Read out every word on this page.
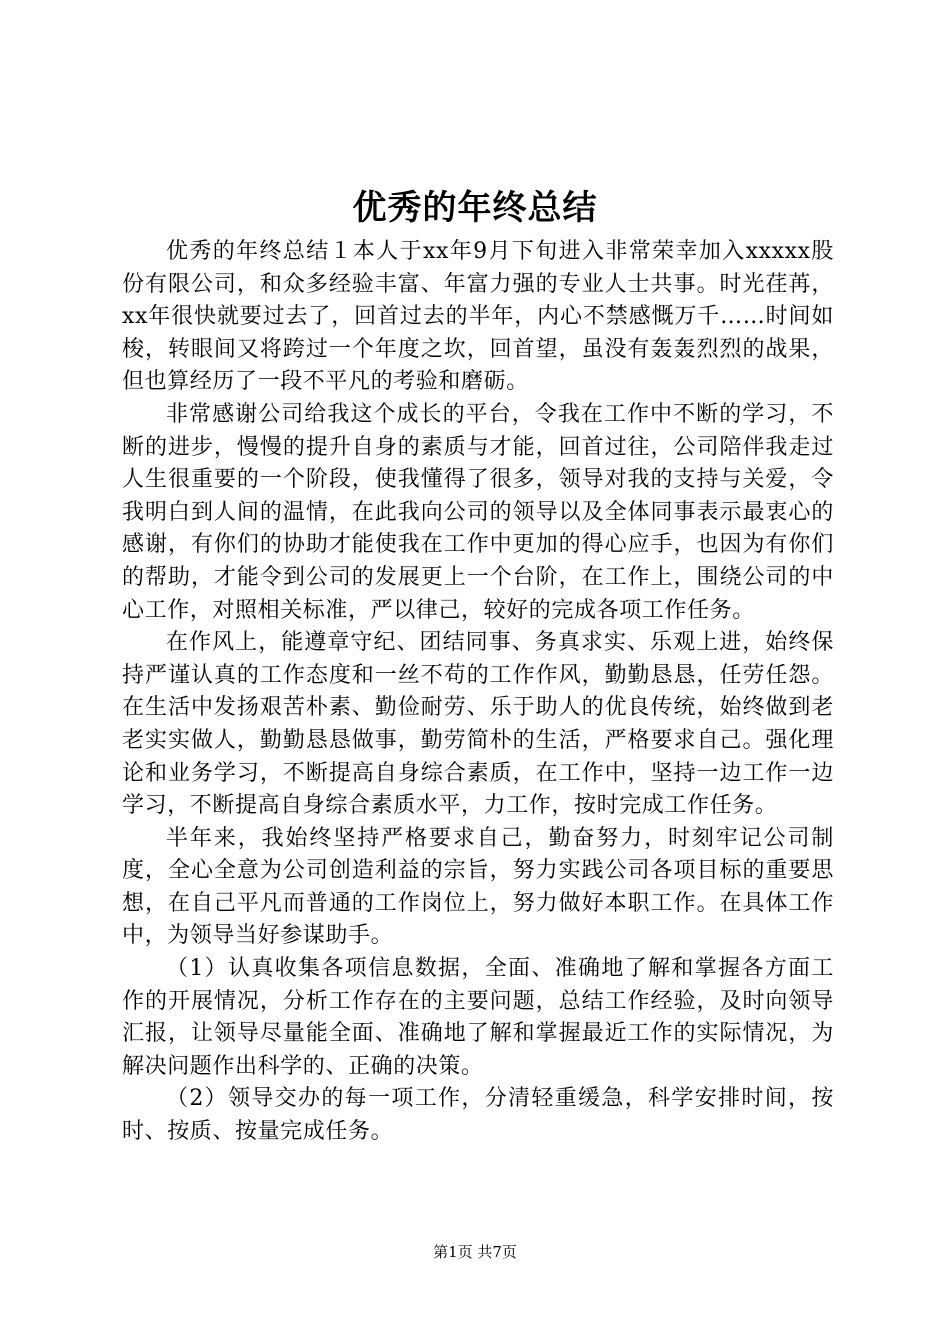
优秀的年终总结

优秀的年终总结１本人于xx年9月下旬进入非常荣幸加入xxxxx股份有限公司，和众多经验丰富、年富力强的专业人士共事。时光荏苒，xx年很快就要过去了，回首过去的半年，内心不禁感慨万千……时间如梭，转眼间又将跨过一个年度之坎，回首望，虽没有轰轰烈烈的战果，但也算经历了一段不平凡的考验和磨砺。

非常感谢公司给我这个成长的平台，令我在工作中不断的学习，不断的进步，慢慢的提升自身的素质与才能，回首过往，公司陪伴我走过人生很重要的一个阶段，使我懂得了很多，领导对我的支持与关爱，令我明白到人间的温情，在此我向公司的领导以及全体同事表示最衷心的感谢，有你们的协助才能使我在工作中更加的得心应手，也因为有你们的帮助，才能令到公司的发展更上一个台阶，在工作上，围绕公司的中心工作，对照相关标准，严以律己，较好的完成各项工作任务。

在作风上，能遵章守纪、团结同事、务真求实、乐观上进，始终保持严谨认真的工作态度和一丝不苟的工作作风，勤勤恳恳，任劳任怨。在生活中发扬艰苦朴素、勤俭耐劳、乐于助人的优良传统，始终做到老老实实做人，勤勤恳恳做事，勤劳简朴的生活，严格要求自己。强化理论和业务学习，不断提高自身综合素质，在工作中，坚持一边工作一边学习，不断提高自身综合素质水平，力工作，按时完成工作任务。

半年来，我始终坚持严格要求自己，勤奋努力，时刻牢记公司制度，全心全意为公司创造利益的宗旨，努力实践公司各项目标的重要思想，在自己平凡而普通的工作岗位上，努力做好本职工作。在具体工作中，为领导当好参谋助手。

（1）认真收集各项信息数据，全面、准确地了解和掌握各方面工作的开展情况，分析工作存在的主要问题，总结工作经验，及时向领导汇报，让领导尽量能全面、准确地了解和掌握最近工作的实际情况，为解决问题作出科学的、正确的决策。

（2）领导交办的每一项工作，分清轻重缓急，科学安排时间，按时、按质、按量完成任务。

第1页 共7页
